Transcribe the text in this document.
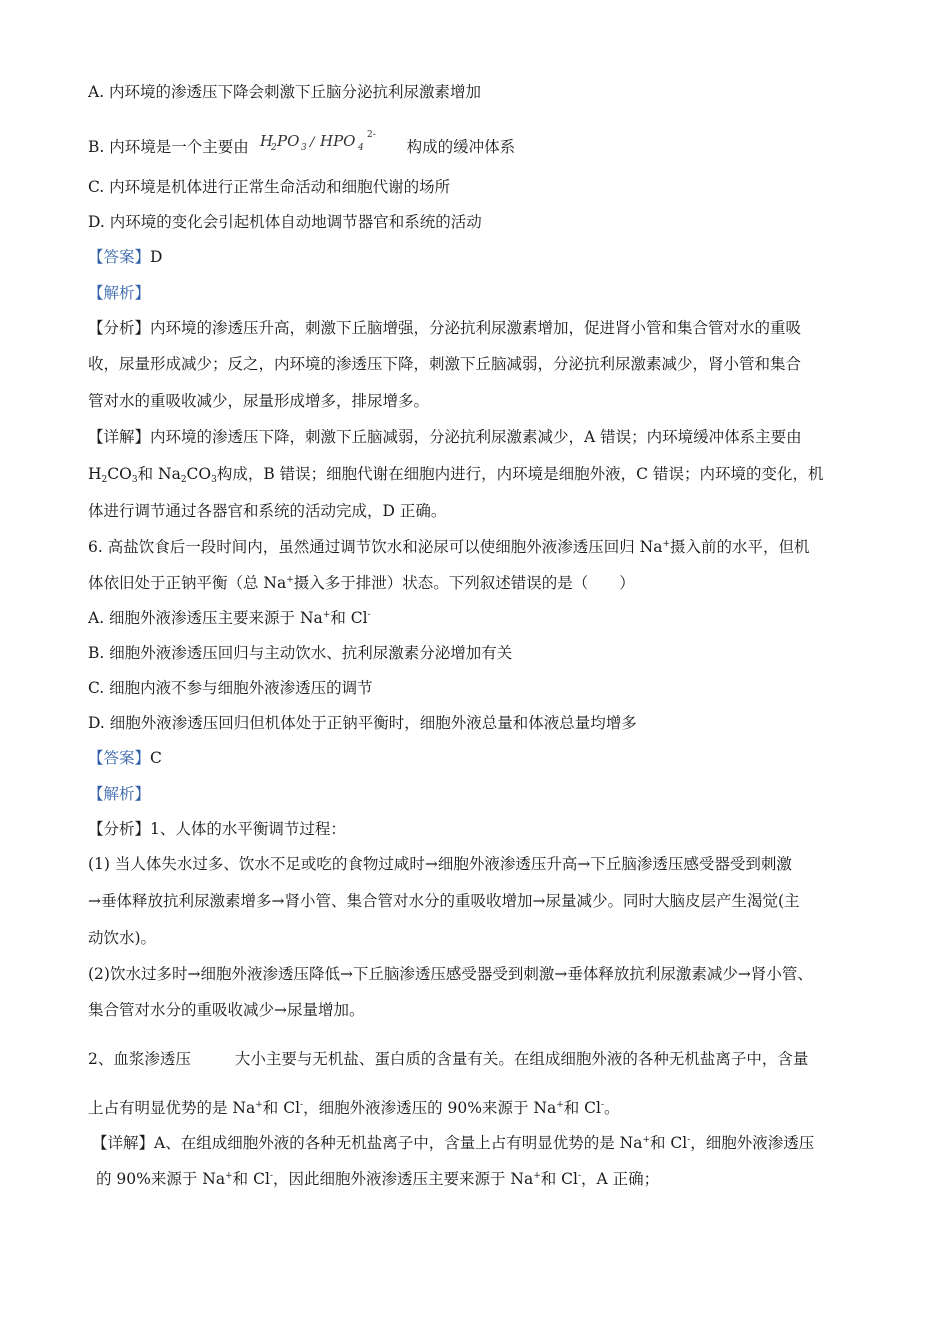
A. 内环境的渗透压下降会刺激下丘脑分泌抗利尿激素增加
B. 内环境是一个主要由 H
2 PO 3 / HPO 4
2-
构成的缓冲体系
C. 内环境是机体进行正常生命活动和细胞代谢的场所
D. 内环境的变化会引起机体自动地调节器官和系统的活动
【答案】D
【解析】
【分析】内环境的渗透压升高，刺激下丘脑增强，分泌抗利尿激素增加，促进肾小管和集合管对水的重吸
收，尿量形成减少；反之，内环境的渗透压下降，刺激下丘脑减弱，分泌抗利尿激素减少，肾小管和集合
管对水的重吸收减少，尿量形成增多，排尿增多。
【详解】内环境的渗透压下降，刺激下丘脑减弱，分泌抗利尿激素减少，A 错误；内环境缓冲体系主要由
$H_2CO_3$和 $Na_2CO_3$构成，B 错误；细胞代谢在细胞内进行，内环境是细胞外液，C 错误；内环境的变化，机
体进行调节通过各器官和系统的活动完成，D 正确。
6. 高盐饮食后一段时间内，虽然通过调节饮水和泌尿可以使细胞外液渗透压回归 Na+摄入前的水平，但机
体依旧处于正钠平衡（总 Na+摄入多于排泄）状态。下列叙述错误的是（　　）
A. 细胞外液渗透压主要来源于 Na+和 Cl-
B. 细胞外液渗透压回归与主动饮水、抗利尿激素分泌增加有关
C. 细胞内液不参与细胞外液渗透压的调节
D. 细胞外液渗透压回归但机体处于正钠平衡时，细胞外液总量和体液总量均增多
【答案】C
【解析】
【分析】1、人体的水平衡调节过程：
(1) 当人体失水过多、饮水不足或吃的食物过咸时→细胞外液渗透压升高→下丘脑渗透压感受器受到刺激
→垂体释放抗利尿激素增多→肾小管、集合管对水分的重吸收增加→尿量减少。同时大脑皮层产生渴觉(主
动饮水)。
(2)饮水过多时→细胞外液渗透压降低→下丘脑渗透压感受器受到刺激→垂体释放抗利尿激素减少→肾小管、
集合管对水分的重吸收减少→尿量增加。
2、血浆渗透压	大小主要与无机盐、蛋白质的含量有关。在组成细胞外液的各种无机盐离子中，含量
上占有明显优势的是 Na+和 Cl-，细胞外液渗透压的 90%来源于 Na+和 Cl-。
【详解】A、在组成细胞外液的各种无机盐离子中，含量上占有明显优势的是 Na+和 Cl-，细胞外液渗透压
的 90%来源于 Na+和 Cl-，因此细胞外液渗透压主要来源于 Na+和 Cl-，A 正确；
